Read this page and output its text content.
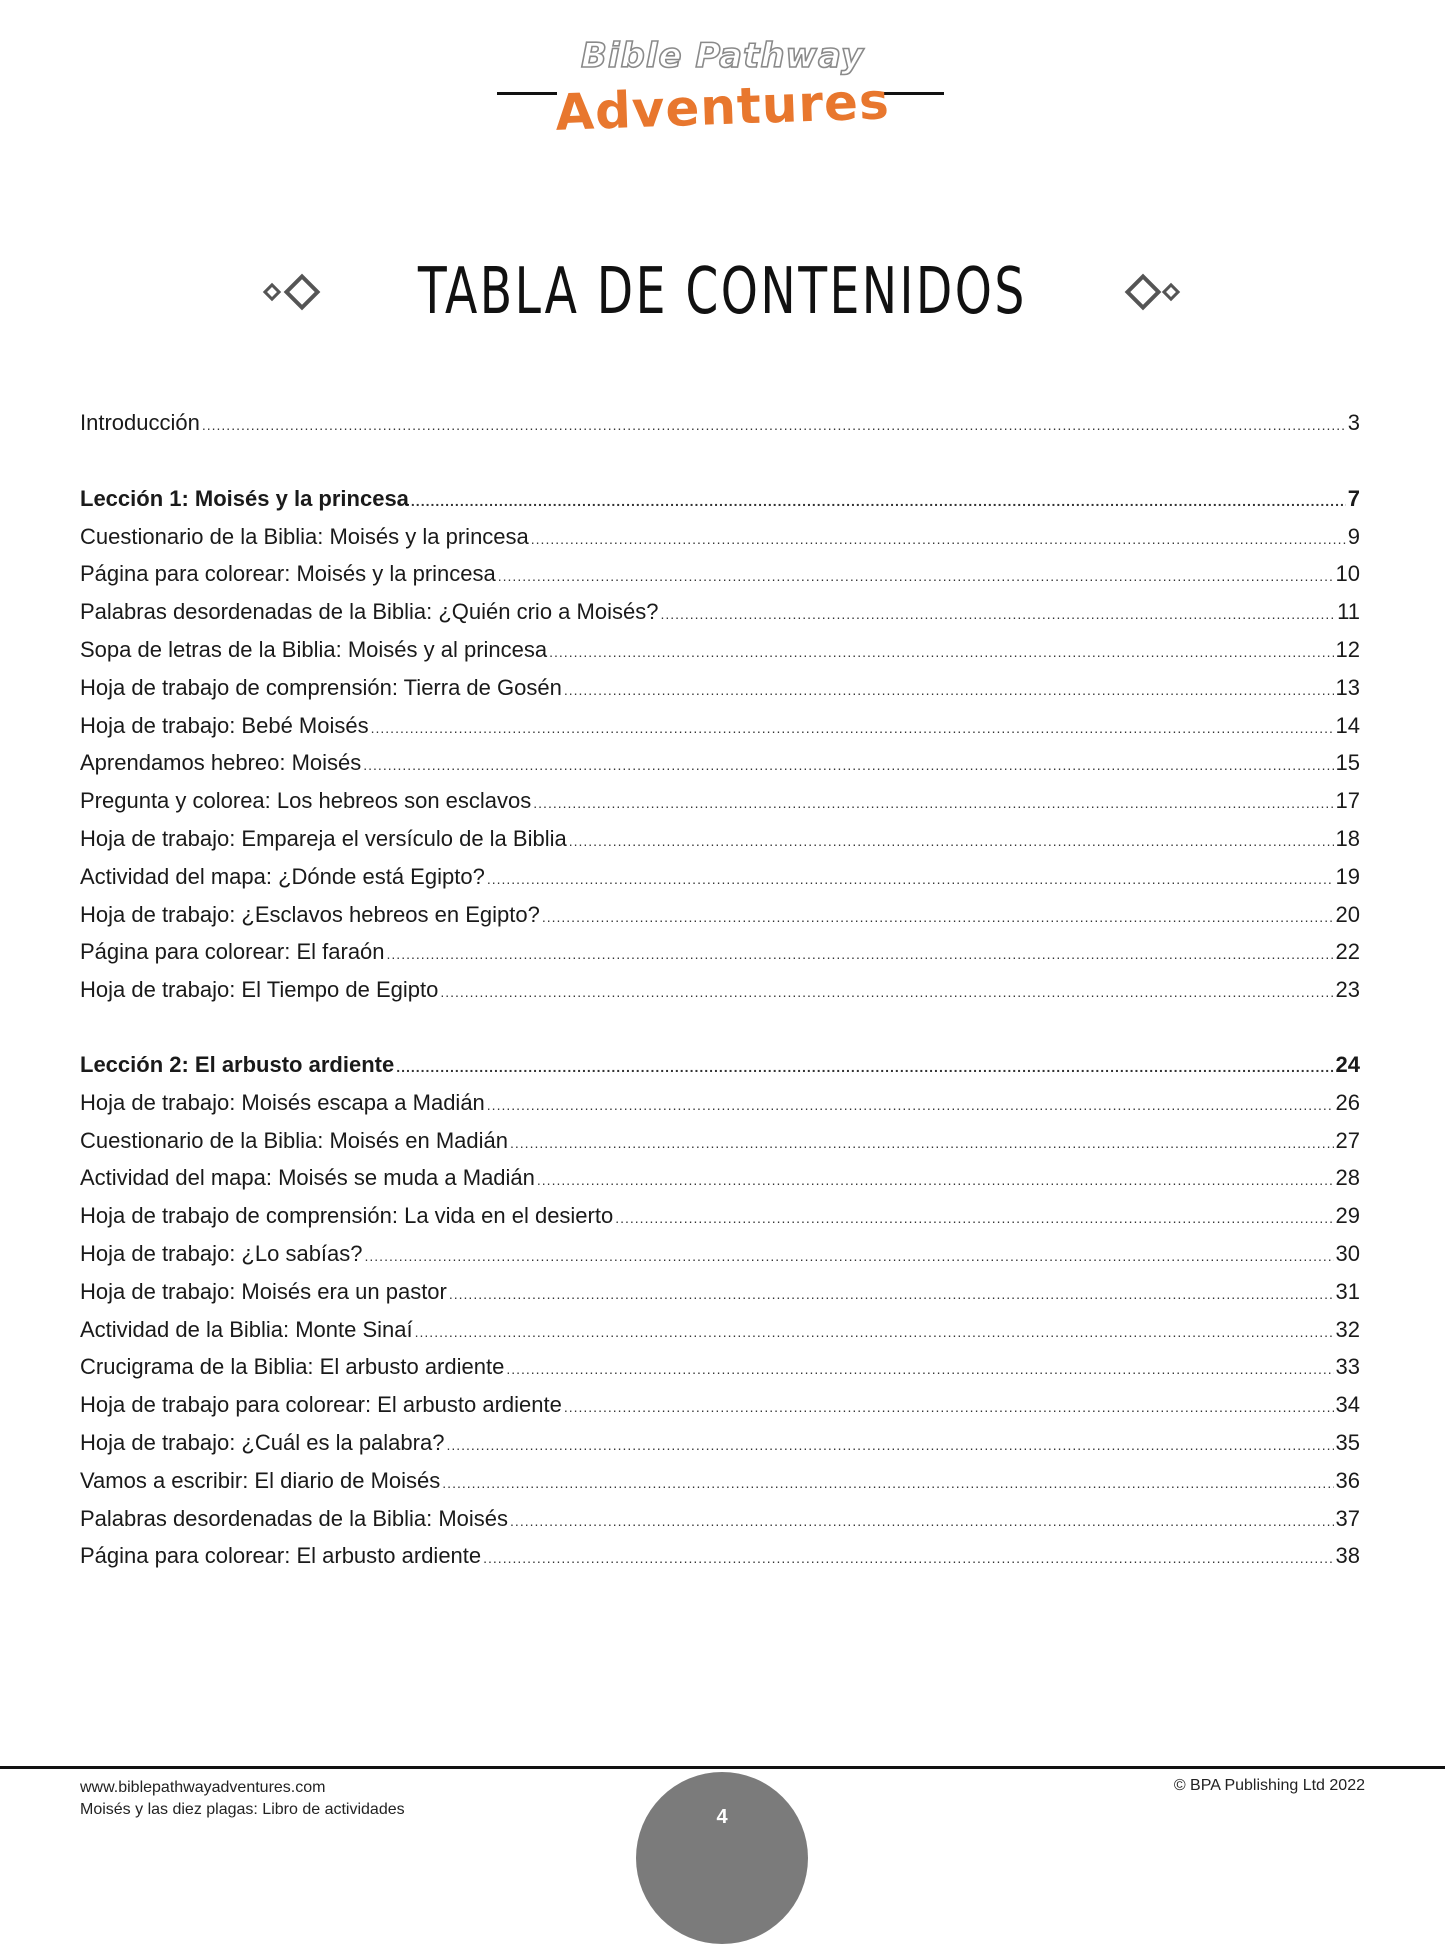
Bible Pathway
Adventures
TABLA DE CONTENIDOS
Introducción .....	3
Lección 1: Moisés y la princesa .....	7
Cuestionario de la Biblia: Moisés y la princesa .....	9
Página para colorear: Moisés y la princesa .....	10
Palabras desordenadas de la Biblia: ¿Quién crio a Moisés? .....	11
Sopa de letras de la Biblia: Moisés y al princesa .....	12
Hoja de trabajo de comprensión: Tierra de Gosén .....	13
Hoja de trabajo: Bebé Moisés .....	14
Aprendamos hebreo: Moisés .....	15
Pregunta y colorea: Los hebreos son esclavos .....	17
Hoja de trabajo: Empareja el versículo de la Biblia .....	18
Actividad del mapa: ¿Dónde está Egipto? .....	19
Hoja de trabajo: ¿Esclavos hebreos en Egipto? .....	20
Página para colorear: El faraón .....	22
Hoja de trabajo: El Tiempo de Egipto .....	23
Lección 2: El arbusto ardiente .....	24
Hoja de trabajo: Moisés escapa a Madián .....	26
Cuestionario de la Biblia: Moisés en Madián .....	27
Actividad del mapa: Moisés se muda a Madián .....	28
Hoja de trabajo de comprensión: La vida en el desierto .....	29
Hoja de trabajo: ¿Lo sabías? .....	30
Hoja de trabajo: Moisés era un pastor .....	31
Actividad de la Biblia: Monte Sinaí .....	32
Crucigrama de la Biblia: El arbusto ardiente .....	33
Hoja de trabajo para colorear: El arbusto ardiente .....	34
Hoja de trabajo: ¿Cuál es la palabra? .....	35
Vamos a escribir: El diario de Moisés .....	36
Palabras desordenadas de la Biblia: Moisés .....	37
Página para colorear: El arbusto ardiente .....	38
www.biblepathwayadventures.com
Moisés y las diez plagas: Libro de actividades
© BPA Publishing Ltd 2022
4
